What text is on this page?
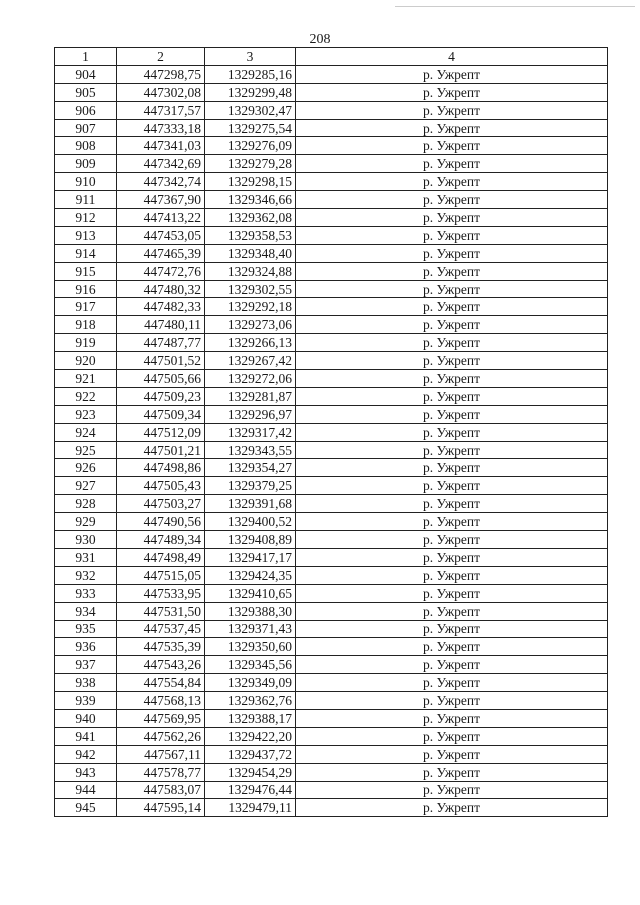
208
1	2	3	4
904	447298,75	1329285,16	р. Ужрепт
905	447302,08	1329299,48	р. Ужрепт
906	447317,57	1329302,47	р. Ужрепт
907	447333,18	1329275,54	р. Ужрепт
908	447341,03	1329276,09	р. Ужрепт
909	447342,69	1329279,28	р. Ужрепт
910	447342,74	1329298,15	р. Ужрепт
911	447367,90	1329346,66	р. Ужрепт
912	447413,22	1329362,08	р. Ужрепт
913	447453,05	1329358,53	р. Ужрепт
914	447465,39	1329348,40	р. Ужрепт
915	447472,76	1329324,88	р. Ужрепт
916	447480,32	1329302,55	р. Ужрепт
917	447482,33	1329292,18	р. Ужрепт
918	447480,11	1329273,06	р. Ужрепт
919	447487,77	1329266,13	р. Ужрепт
920	447501,52	1329267,42	р. Ужрепт
921	447505,66	1329272,06	р. Ужрепт
922	447509,23	1329281,87	р. Ужрепт
923	447509,34	1329296,97	р. Ужрепт
924	447512,09	1329317,42	р. Ужрепт
925	447501,21	1329343,55	р. Ужрепт
926	447498,86	1329354,27	р. Ужрепт
927	447505,43	1329379,25	р. Ужрепт
928	447503,27	1329391,68	р. Ужрепт
929	447490,56	1329400,52	р. Ужрепт
930	447489,34	1329408,89	р. Ужрепт
931	447498,49	1329417,17	р. Ужрепт
932	447515,05	1329424,35	р. Ужрепт
933	447533,95	1329410,65	р. Ужрепт
934	447531,50	1329388,30	р. Ужрепт
935	447537,45	1329371,43	р. Ужрепт
936	447535,39	1329350,60	р. Ужрепт
937	447543,26	1329345,56	р. Ужрепт
938	447554,84	1329349,09	р. Ужрепт
939	447568,13	1329362,76	р. Ужрепт
940	447569,95	1329388,17	р. Ужрепт
941	447562,26	1329422,20	р. Ужрепт
942	447567,11	1329437,72	р. Ужрепт
943	447578,77	1329454,29	р. Ужрепт
944	447583,07	1329476,44	р. Ужрепт
945	447595,14	1329479,11	р. Ужрепт
